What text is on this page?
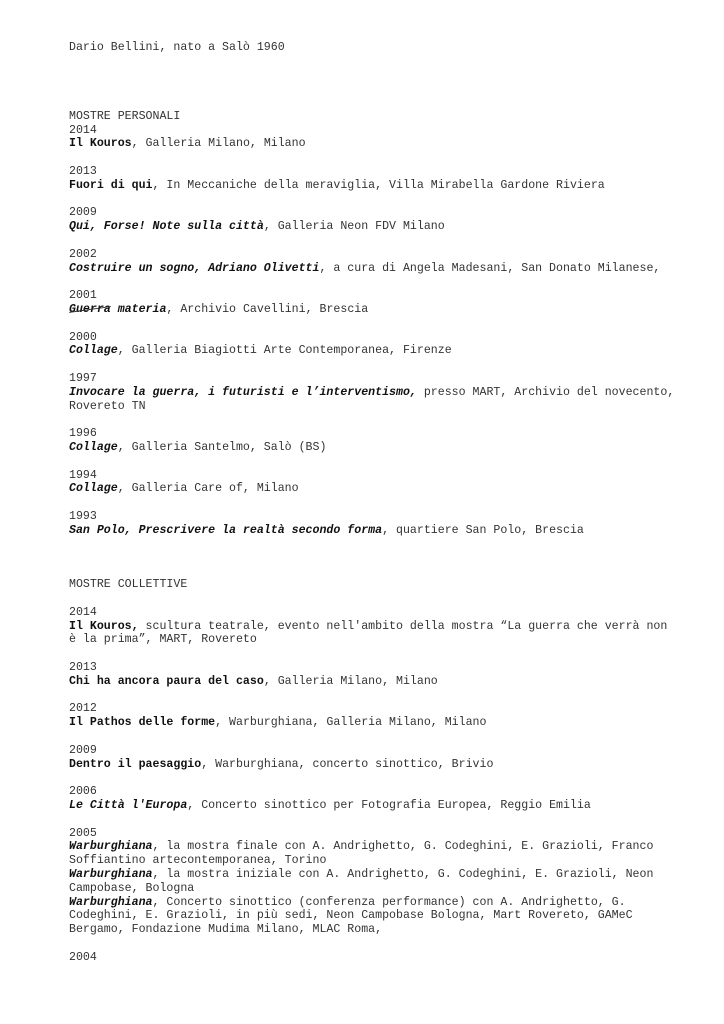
Dario Bellini, nato a Salò 1960
MOSTRE PERSONALI
2014
Il Kouros, Galleria Milano, Milano
2013
Fuori di qui, In Meccaniche della meraviglia, Villa Mirabella Gardone Riviera
2009
Qui, Forse! Note sulla città, Galleria Neon FDV Milano
2002
Costruire un sogno, Adriano Olivetti, a cura di Angela Madesani, San Donato Milanese,
2001
Guerra materia, Archivio Cavellini, Brescia
2000
Collage, Galleria Biagiotti Arte Contemporanea, Firenze
1997
Invocare la guerra, i futuristi e l’interventismo, presso MART, Archivio del novecento, Rovereto TN
1996
Collage, Galleria Santelmo, Salò (BS)
1994
Collage, Galleria Care of, Milano
1993
San Polo, Prescrivere la realtà secondo forma, quartiere San Polo, Brescia
MOSTRE COLLETTIVE
2014
Il Kouros, scultura teatrale, evento nell'ambito della mostra “La guerra che verrà non è la prima”, MART, Rovereto
2013
Chi ha ancora paura del caso, Galleria Milano, Milano
2012
Il Pathos delle forme, Warburghiana, Galleria Milano, Milano
2009
Dentro il paesaggio, Warburghiana, concerto sinottico, Brivio
2006
Le Città l'Europa, Concerto sinottico per Fotografia Europea, Reggio Emilia
2005
Warburghiana, la mostra finale con A. Andrighetto, G. Codeghini, E. Grazioli, Franco Soffiantino artecontemporanea, Torino
Warburghiana, la mostra iniziale con A. Andrighetto, G. Codeghini, E. Grazioli, Neon Campobase, Bologna
Warburghiana, Concerto sinottico (conferenza performance) con A. Andrighetto, G. Codeghini, E. Grazioli, in più sedi, Neon Campobase Bologna, Mart Rovereto, GAMeC Bergamo, Fondazione Mudima Milano, MLAC Roma,
2004
